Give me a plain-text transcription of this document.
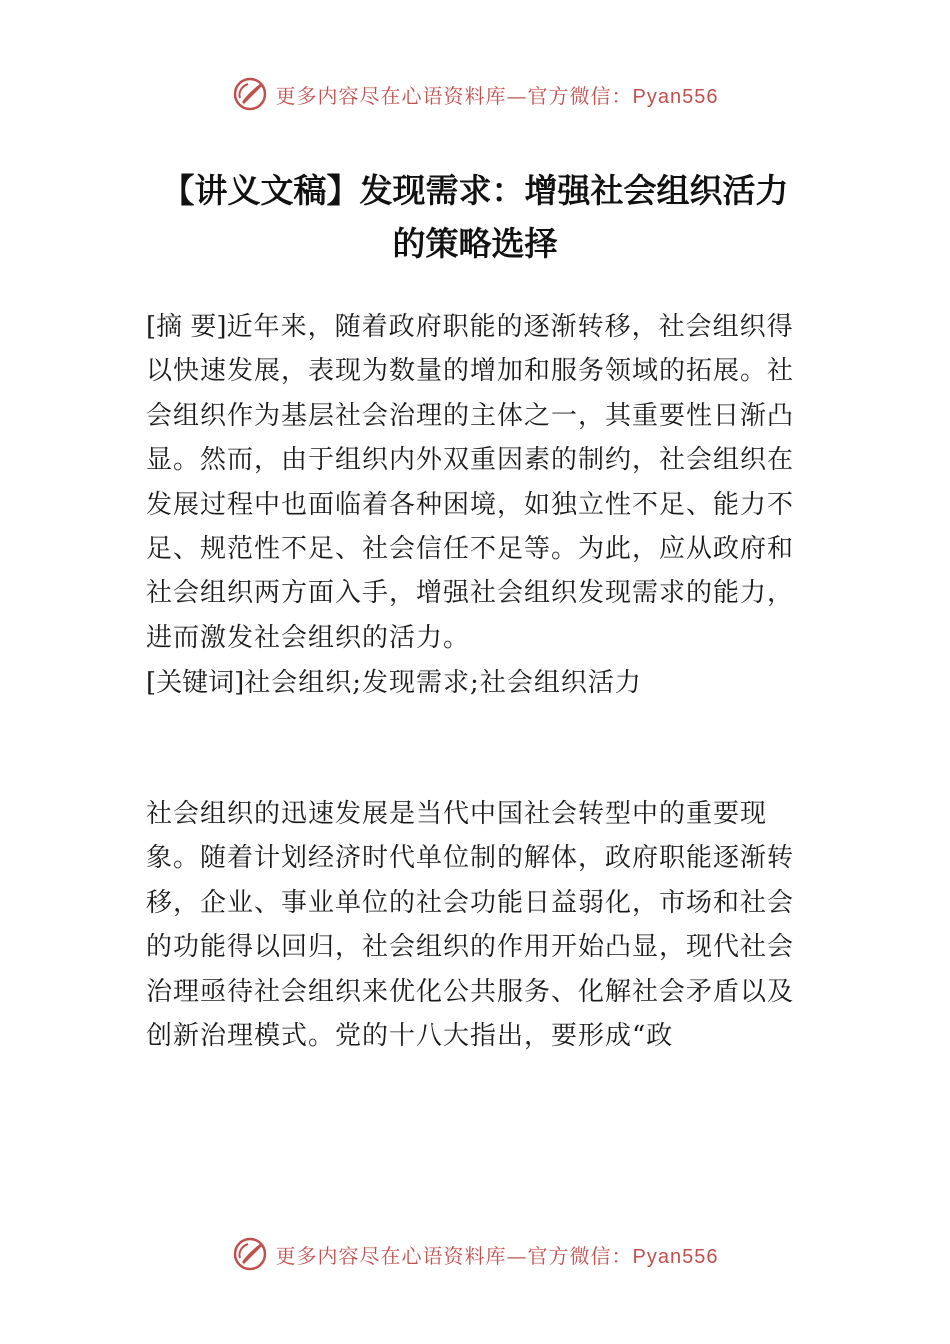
更多内容尽在心语资料库—官方微信：Pyan556
【讲义文稿】发现需求：增强社会组织活力
的策略选择
[摘 要]近年来，随着政府职能的逐渐转移，社会组织得以快速发展，表现为数量的增加和服务领域的拓展。社会组织作为基层社会治理的主体之一，其重要性日渐凸显。然而，由于组织内外双重因素的制约，社会组织在发展过程中也面临着各种困境，如独立性不足、能力不足、规范性不足、社会信任不足等。为此，应从政府和社会组织两方面入手，增强社会组织发现需求的能力，进而激发社会组织的活力。
[关键词]社会组织;发现需求;社会组织活力
社会组织的迅速发展是当代中国社会转型中的重要现象。随着计划经济时代单位制的解体，政府职能逐渐转移，企业、事业单位的社会功能日益弱化，市场和社会的功能得以回归，社会组织的作用开始凸显，现代社会治理亟待社会组织来优化公共服务、化解社会矛盾以及创新治理模式。党的十八大指出，要形成“政
更多内容尽在心语资料库—官方微信：Pyan556
